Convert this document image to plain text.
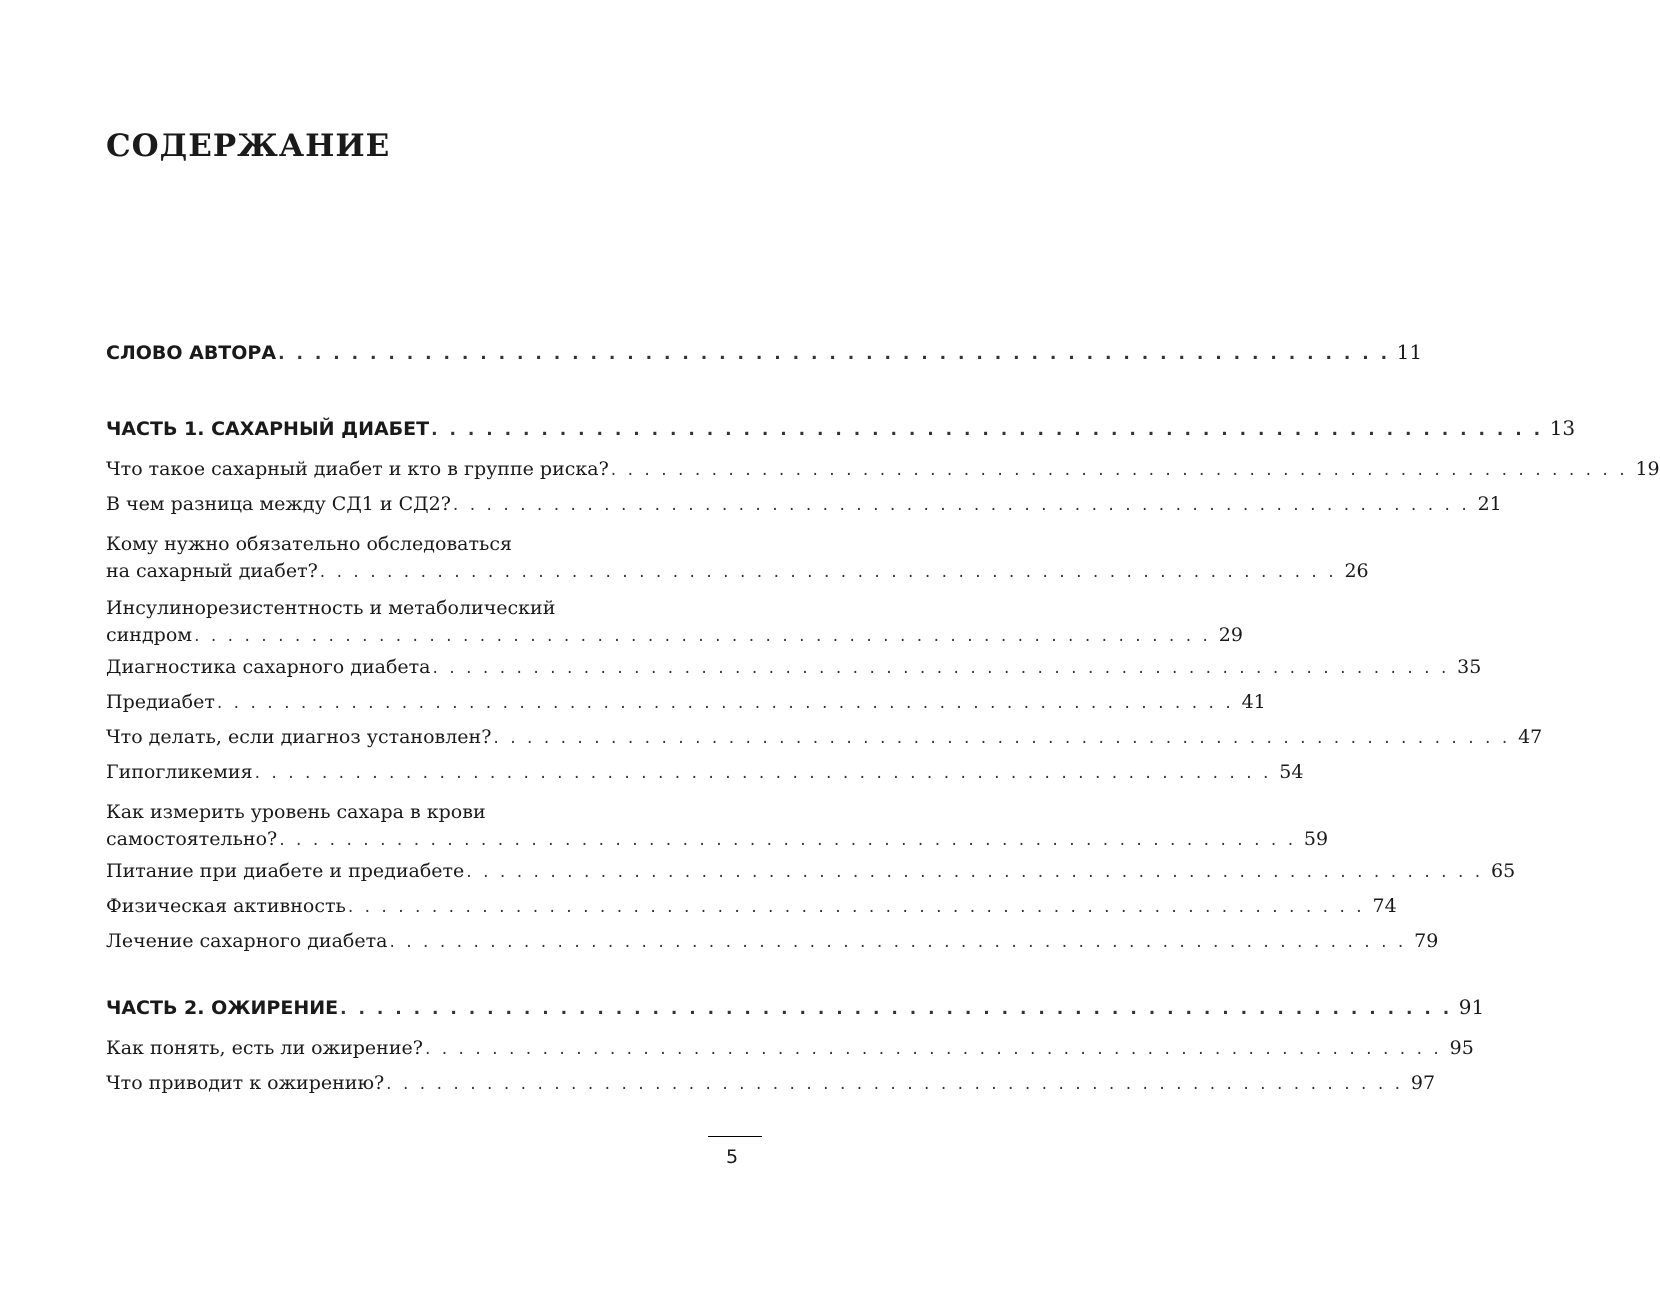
СОДЕРЖАНИЕ
СЛОВО АВТОРА . . . . . . . . . . . . . . . . . . . . . . . . . . . . . . . . . . . . . . . . . . . . . . . . . . . . . . . . . . . . . 11
ЧАСТЬ 1. САХАРНЫЙ ДИАБЕТ . . . . . . . . . . . . . . . . . . . . . . . . . . . . . . . . . . . . . . . . . . . . . . . . . . . . . . . . . . . . . 13
Что такое сахарный диабет и кто в группе риска? . . . . . . . . . . . . . . . . . . . . . . . . . . . . . . . . . . . . . . . . . . . . . . . . . . . . . . . . . . . . . 19
В чем разница между СД1 и СД2? . . . . . . . . . . . . . . . . . . . . . . . . . . . . . . . . . . . . . . . . . . . . . . . . . . . . . . . . . . . . . 21
Кому нужно обязательно обследоваться
на сахарный диабет? . . . . . . . . . . . . . . . . . . . . . . . . . . . . . . . . . . . . . . . . . . . . . . . . . . . . . . . . . . . . . 26
Инсулинорезистентность и метаболический
синдром . . . . . . . . . . . . . . . . . . . . . . . . . . . . . . . . . . . . . . . . . . . . . . . . . . . . . . . . . . . . . 29
Диагностика сахарного диабета . . . . . . . . . . . . . . . . . . . . . . . . . . . . . . . . . . . . . . . . . . . . . . . . . . . . . . . . . . . . . 35
Предиабет . . . . . . . . . . . . . . . . . . . . . . . . . . . . . . . . . . . . . . . . . . . . . . . . . . . . . . . . . . . . . 41
Что делать, если диагноз установлен? . . . . . . . . . . . . . . . . . . . . . . . . . . . . . . . . . . . . . . . . . . . . . . . . . . . . . . . . . . . . . 47
Гипогликемия . . . . . . . . . . . . . . . . . . . . . . . . . . . . . . . . . . . . . . . . . . . . . . . . . . . . . . . . . . . . . 54
Как измерить уровень сахара в крови
самостоятельно? . . . . . . . . . . . . . . . . . . . . . . . . . . . . . . . . . . . . . . . . . . . . . . . . . . . . . . . . . . . . . 59
Питание при диабете и предиабете . . . . . . . . . . . . . . . . . . . . . . . . . . . . . . . . . . . . . . . . . . . . . . . . . . . . . . . . . . . . . 65
Физическая активность . . . . . . . . . . . . . . . . . . . . . . . . . . . . . . . . . . . . . . . . . . . . . . . . . . . . . . . . . . . . . 74
Лечение сахарного диабета . . . . . . . . . . . . . . . . . . . . . . . . . . . . . . . . . . . . . . . . . . . . . . . . . . . . . . . . . . . . . 79
ЧАСТЬ 2. ОЖИРЕНИЕ . . . . . . . . . . . . . . . . . . . . . . . . . . . . . . . . . . . . . . . . . . . . . . . . . . . . . . . . . . . . . 91
Как понять, есть ли ожирение? . . . . . . . . . . . . . . . . . . . . . . . . . . . . . . . . . . . . . . . . . . . . . . . . . . . . . . . . . . . . . 95
Что приводит к ожирению? . . . . . . . . . . . . . . . . . . . . . . . . . . . . . . . . . . . . . . . . . . . . . . . . . . . . . . . . . . . . . 97
5
